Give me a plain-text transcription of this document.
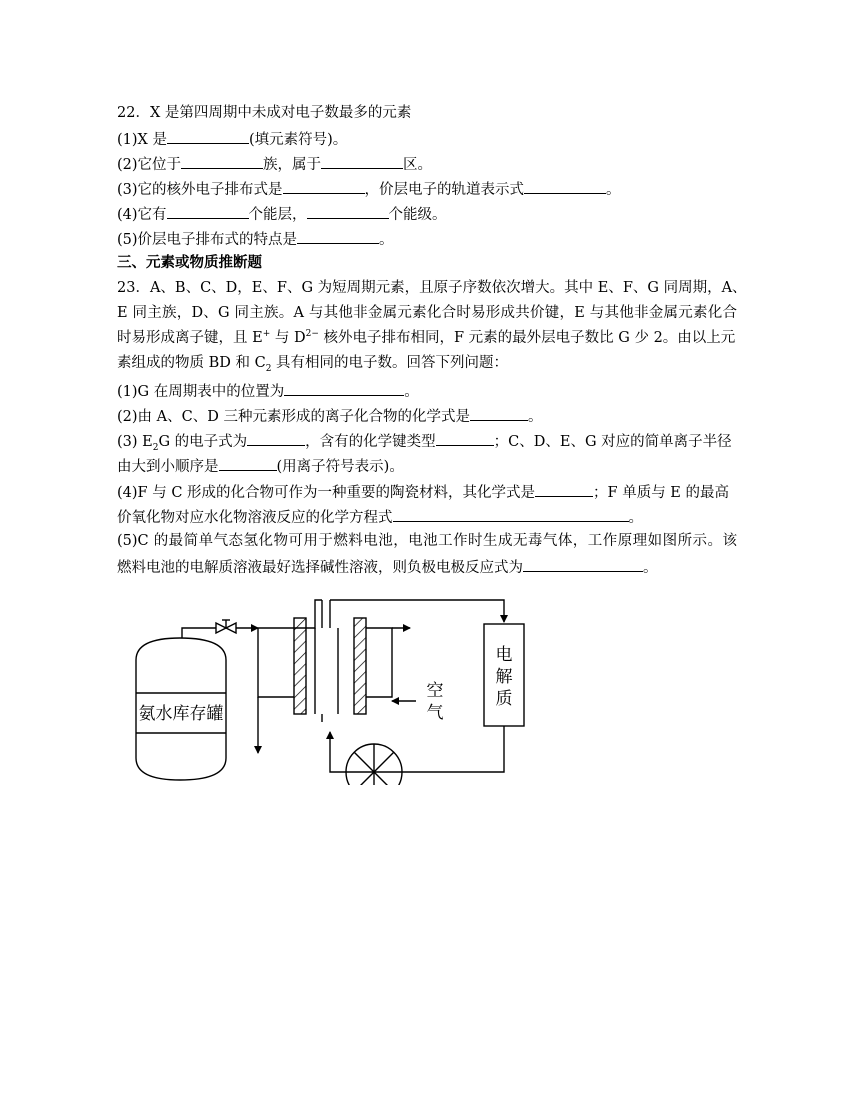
22．X 是第四周期中未成对电子数最多的元素
(1)X 是	(填元素符号)。
(2)它位于	族，属于	区。
(3)它的核外电子排布式是	，价层电子的轨道表示式	。
(4)它有	个能层，	个能级。
(5)价层电子排布式的特点是	。
三、元素或物质推断题
23．A、B、C、D，E、F、G 为短周期元素，且原子序数依次增大。其中 E、F、G 同周期，A、
E 同主族，D、G 同主族。A 与其他非金属元素化合时易形成共价键，E 与其他非金属元素化合
时易形成离子键，且 E+ 与 $D^{2-}$ 核外电子排布相同，F 元素的最外层电子数比 G 少 2。由以上元
素组成的物质 BD 和 $C_2$ 具有相同的电子数。回答下列问题：
(1)G 在周期表中的位置为	。
(2)由 A、C、D 三种元素形成的离子化合物的化学式是	。
(3) $E_2G$ 的电子式为	，含有的化学键类型	；C、D、E、G 对应的简单离子半径
由大到小顺序是	(用离子符号表示)。
(4)F 与 C 形成的化合物可作为一种重要的陶瓷材料，其化学式是	；F 单质与 E 的最高
价氧化物对应水化物溶液反应的化学方程式	。
(5)C 的最简单气态氢化物可用于燃料电池，电池工作时生成无毒气体，工作原理如图所示。该
燃料电池的电解质溶液最好选择碱性溶液，则负极电极反应式为	。
氨水库存罐
电
解
质
空
气
